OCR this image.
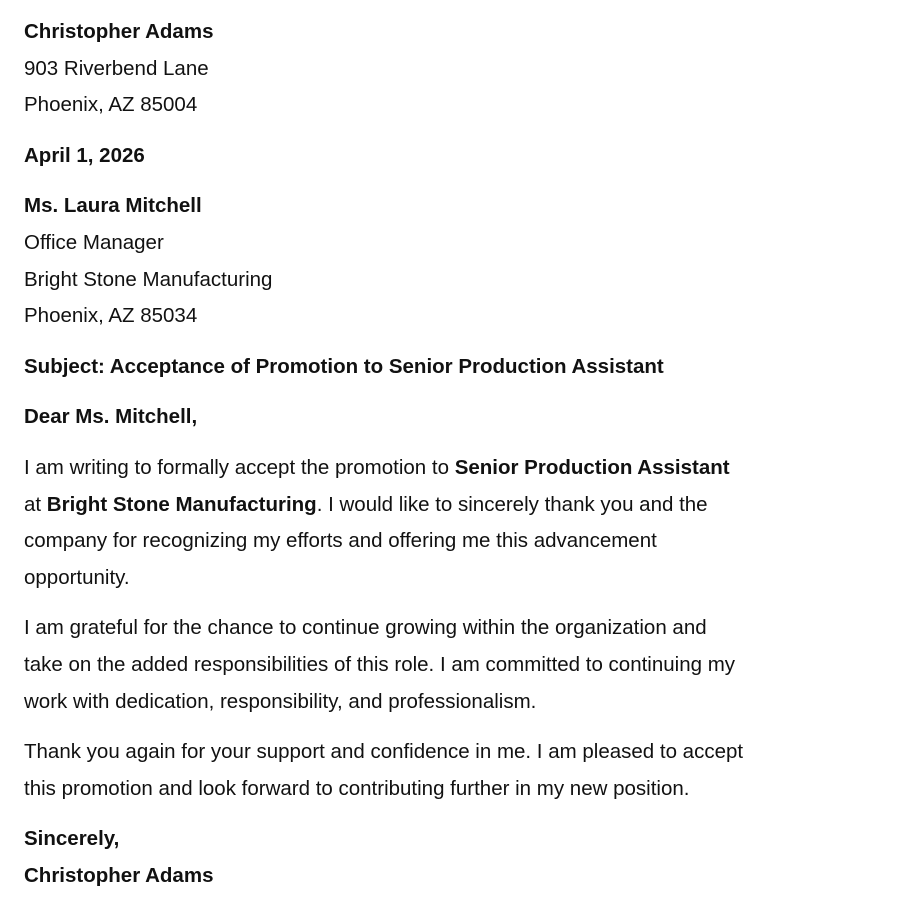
Christopher Adams
903 Riverbend Lane
Phoenix, AZ 85004
April 1, 2026
Ms. Laura Mitchell
Office Manager
Bright Stone Manufacturing
Phoenix, AZ 85034
Subject: Acceptance of Promotion to Senior Production Assistant
Dear Ms. Mitchell,
I am writing to formally accept the promotion to Senior Production Assistant
at Bright Stone Manufacturing. I would like to sincerely thank you and the
company for recognizing my efforts and offering me this advancement
opportunity.
I am grateful for the chance to continue growing within the organization and
take on the added responsibilities of this role. I am committed to continuing my
work with dedication, responsibility, and professionalism.
Thank you again for your support and confidence in me. I am pleased to accept
this promotion and look forward to contributing further in my new position.
Sincerely,
Christopher Adams
